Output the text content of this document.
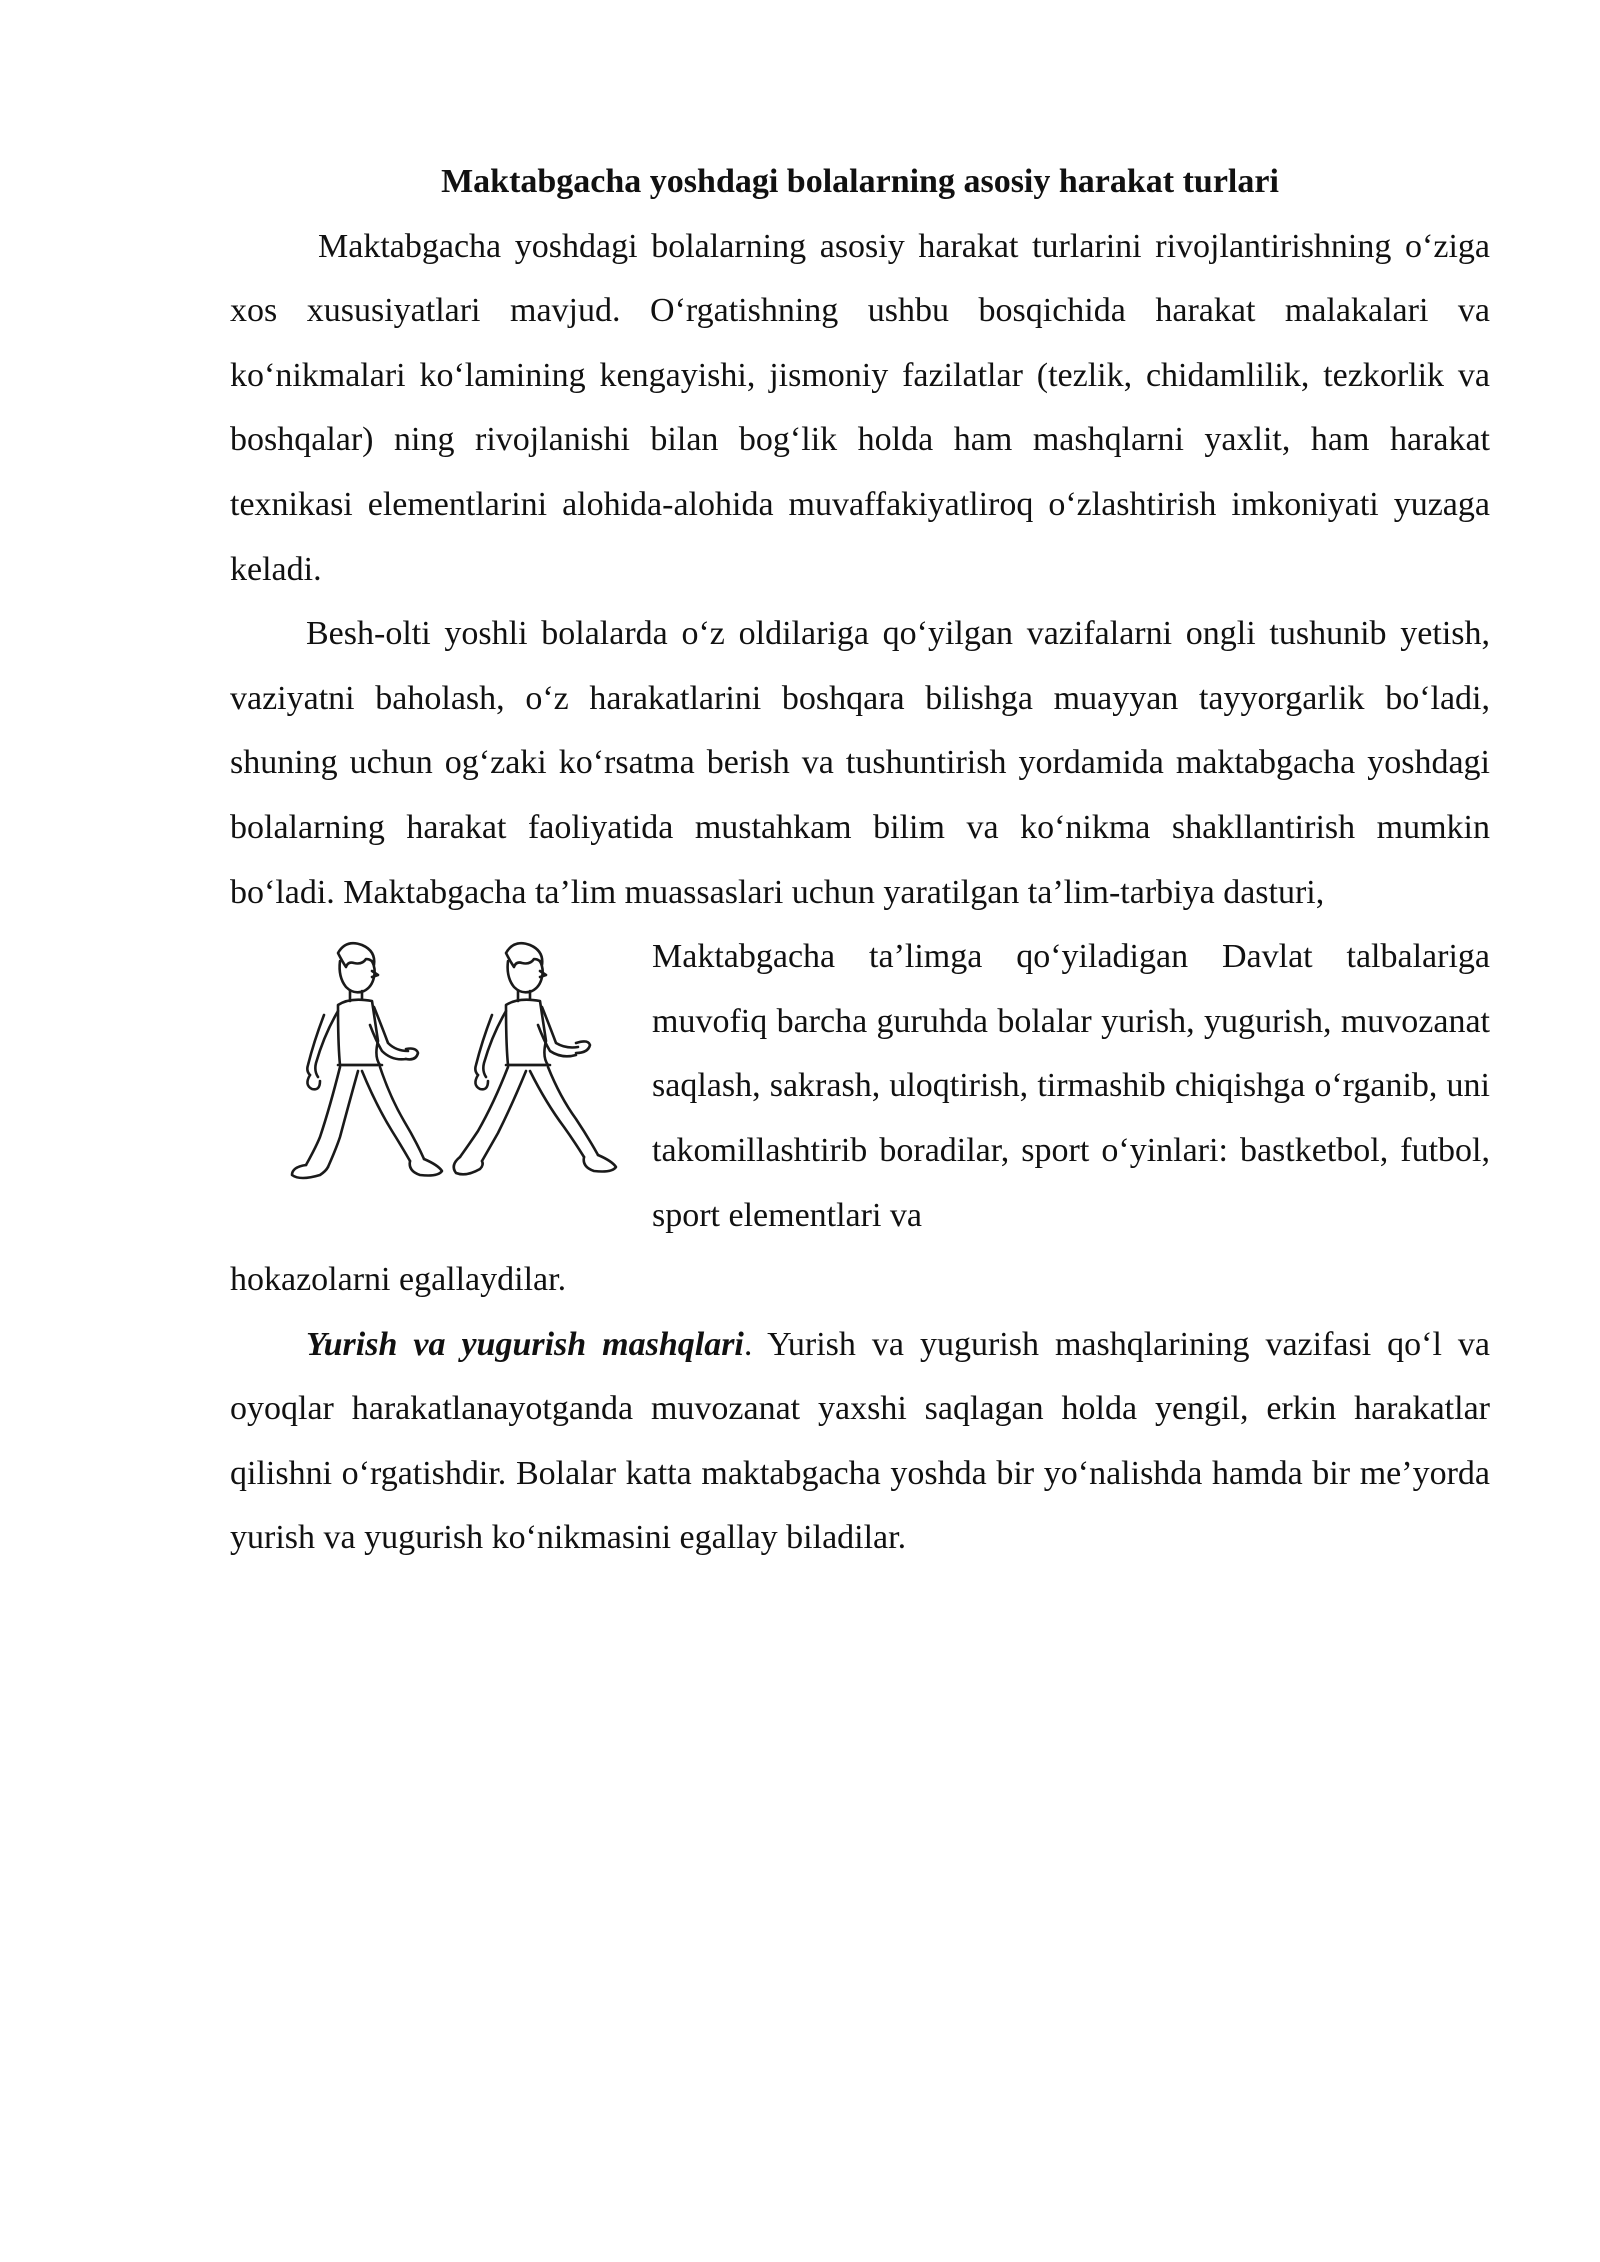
Maktabgacha yoshdagi bolalarning asosiy harakat turlari

Maktabgacha yoshdagi bolalarning asosiy harakat turlarini rivojlantirishning o‘ziga xos xususiyatlari mavjud. O‘rgatishning ushbu bosqichida harakat malakalari va ko‘nikmalari ko‘lamining kengayishi, jismoniy fazilatlar (tezlik, chidamlilik, tezkorlik va boshqalar) ning rivojlanishi bilan bog‘lik holda ham mashqlarni yaxlit, ham harakat texnikasi elementlarini alohida-alohida muvaffakiyatliroq o‘zlashtirish imkoniyati yuzaga keladi.

Besh-olti yoshli bolalarda o‘z oldilariga qo‘yilgan vazifalarni ongli tushunib yetish, vaziyatni baholash, o‘z harakatlarini boshqara bilishga muayyan tayyorgarlik bo‘ladi, shuning uchun og‘zaki ko‘rsatma berish va tushuntirish yordamida maktabgacha yoshdagi bolalarning harakat faoliyatida mustahkam bilim va ko‘nikma shakllantirish mumkin bo‘ladi. Maktabgacha ta’lim muassaslari uchun yaratilgan ta’lim-tarbiya dasturi,

Maktabgacha ta’limga qo‘yiladigan Davlat talbalariga muvofiq barcha guruhda bolalar yurish, yugurish, muvozanat saqlash, sakrash, uloqtirish, tirmashib chiqishga o‘rganib, uni takomillashtirib boradilar, sport o‘yinlari: bastketbol, futbol, sport elementlari va

hokazolarni egallaydilar.

Yurish va yugurish mashqlari. Yurish va yugurish mashqlarining vazifasi qo‘l va oyoqlar harakatlanayotganda muvozanat yaxshi saqlagan holda yengil, erkin harakatlar qilishni o‘rgatishdir. Bolalar katta maktabgacha yoshda bir yo‘nalishda hamda bir me’yorda yurish va yugurish ko‘nikmasini egallay biladilar.
